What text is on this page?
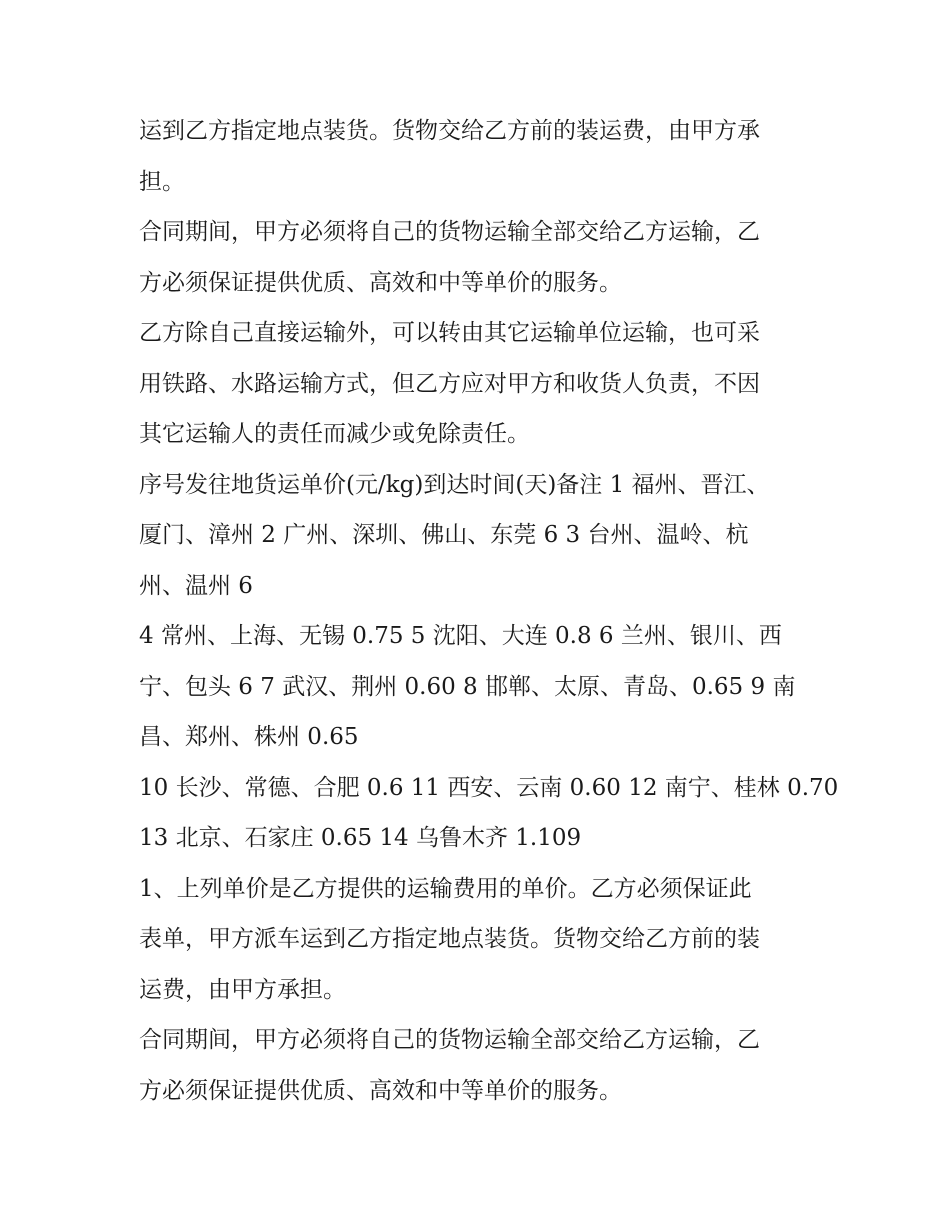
运到乙方指定地点装货。货物交给乙方前的装运费，由甲方承
担。
合同期间，甲方必须将自己的货物运输全部交给乙方运输，乙
方必须保证提供优质、高效和中等单价的服务。
乙方除自己直接运输外，可以转由其它运输单位运输，也可采
用铁路、水路运输方式，但乙方应对甲方和收货人负责，不因
其它运输人的责任而减少或免除责任。
序号发往地货运单价(元/kg)到达时间(天)备注 1 福州、晋江、
厦门、漳州 2 广州、深圳、佛山、东莞 6 3 台州、温岭、杭
州、温州 6
4 常州、上海、无锡 0.75 5 沈阳、大连 0.8 6 兰州、银川、西
宁、包头 6 7 武汉、荆州 0.60 8 邯郸、太原、青岛、0.65 9 南
昌、郑州、株州 0.65
10 长沙、常德、合肥 0.6 11 西安、云南 0.60 12 南宁、桂林 0.70
13 北京、石家庄 0.65 14 乌鲁木齐 1.109
1、上列单价是乙方提供的运输费用的单价。乙方必须保证此
表单，甲方派车运到乙方指定地点装货。货物交给乙方前的装
运费，由甲方承担。
合同期间，甲方必须将自己的货物运输全部交给乙方运输，乙
方必须保证提供优质、高效和中等单价的服务。
